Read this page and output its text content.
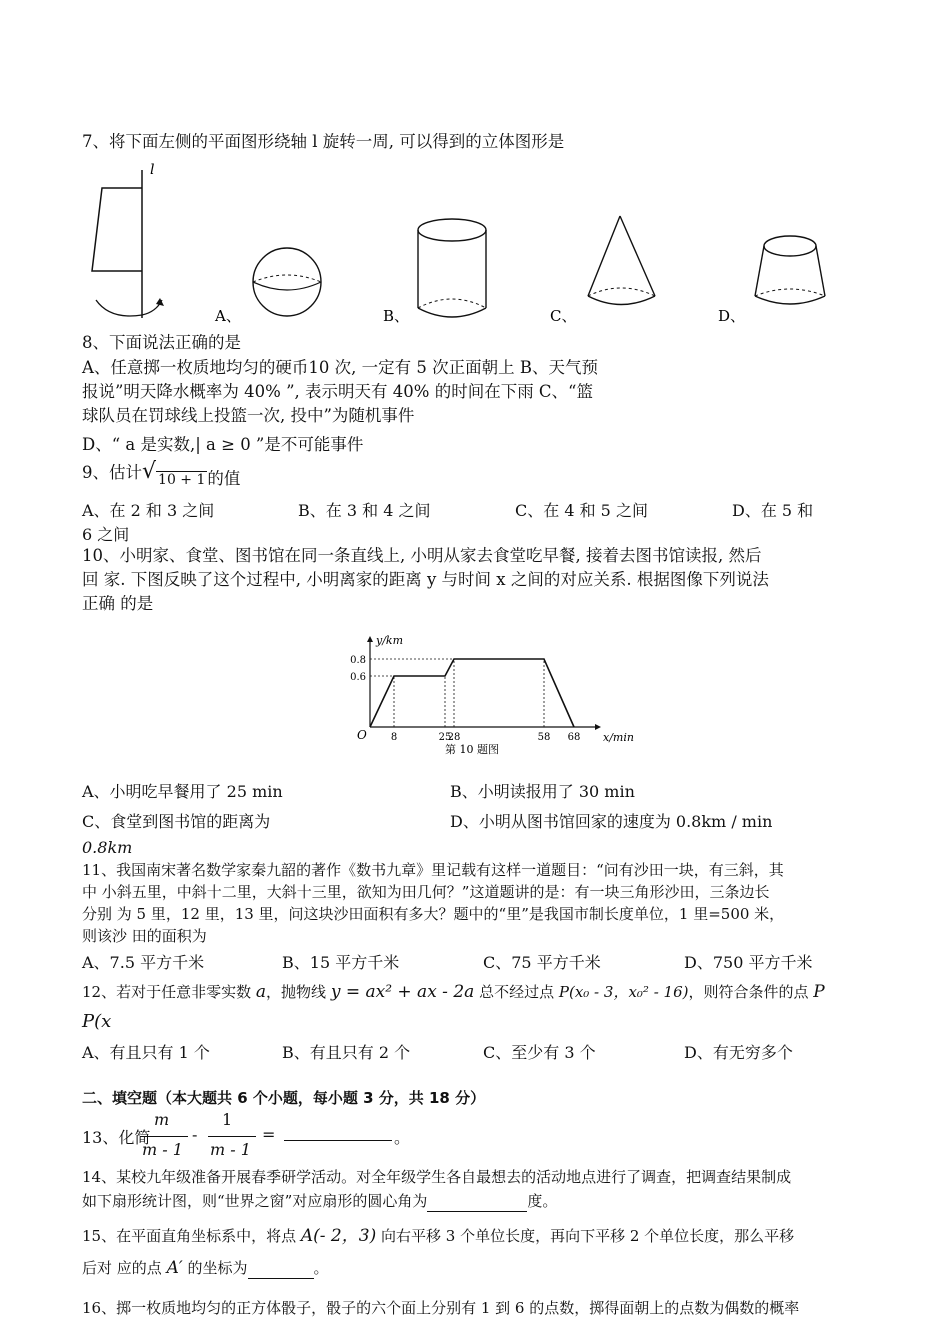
7、将下面左侧的平面图形绕轴 l 旋转一周, 可以得到的立体图形是
l
A、	B、	C、	D、
8、下面说法正确的是
A、任意掷一枚质地均匀的硬币10 次, 一定有 5 次正面朝上 B、天气预
报说”明天降水概率为 40% ”, 表示明天有 40% 的时间在下雨 C、“篮
球队员在罚球线上投篮一次, 投中”为随机事件
D、“ a 是实数,| a ≥ 0 ”是不可能事件
9、估计√ $_{10 + 1}$ 的值
A、在 2 和 3 之间	B、在 3 和 4 之间	C、在 4 和 5 之间	D、在 5 和
6 之间
10、小明家、食堂、图书馆在同一条直线上, 小明从家去食堂吃早餐, 接着去图书馆读报, 然后
回 家. 下图反映了这个过程中, 小明离家的距离 y 与时间 x 之间的对应关系. 根据图像下列说法
正确 的是
0.6
0.8
8	25
28	58 68
y/km
x/min
O
第 10 题图
A、小明吃早餐用了 25 min	B、小明读报用了 30 min
C、食堂到图书馆的距离为	D、小明从图书馆回家的速度为 0.8km / min
0.8km
11、我国南宋著名数学家秦九韶的著作《数书九章》里记载有这样一道题目：“问有沙田一块，有三斜，其
中 小斜五里，中斜十二里，大斜十三里，欲知为田几何？”这道题讲的是：有一块三角形沙田，三条边长
分别 为 5 里，12 里，13 里，问这块沙田面积有多大？题中的“里”是我国市制长度单位，1 里=500 米，
则该沙 田的面积为
A、7.5 平方千米	B、15 平方千米	C、75 平方千米	D、750 平方千米
12、若对于任意非零实数 a，抛物线 y = ax² + ax - 2a 总不经过点 P(x₀ - 3，x₀² - 16)，则符合条件的点 P
P(x
A、有且只有 1 个	B、有且只有 2 个	C、至少有 3 个	D、有无穷多个
二、填空题（本大题共 6 个小题，每小题 3 分，共 18 分）
13、化简
m
m - 1
-
1
m - 1
=	。
14、某校九年级准备开展春季研学活动。对全年级学生各自最想去的活动地点进行了调查，把调查结果制成
如下扇形统计图，则“世界之窗”对应扇形的圆心角为	度。
15、在平面直角坐标系中，将点 A(- 2，3) 向右平移 3 个单位长度，再向下平移 2 个单位长度，那么平移
后对 应的点 A′ 的坐标为	。
16、掷一枚质地均匀的正方体骰子，骰子的六个面上分别有 1 到 6 的点数，掷得面朝上的点数为偶数的概率
